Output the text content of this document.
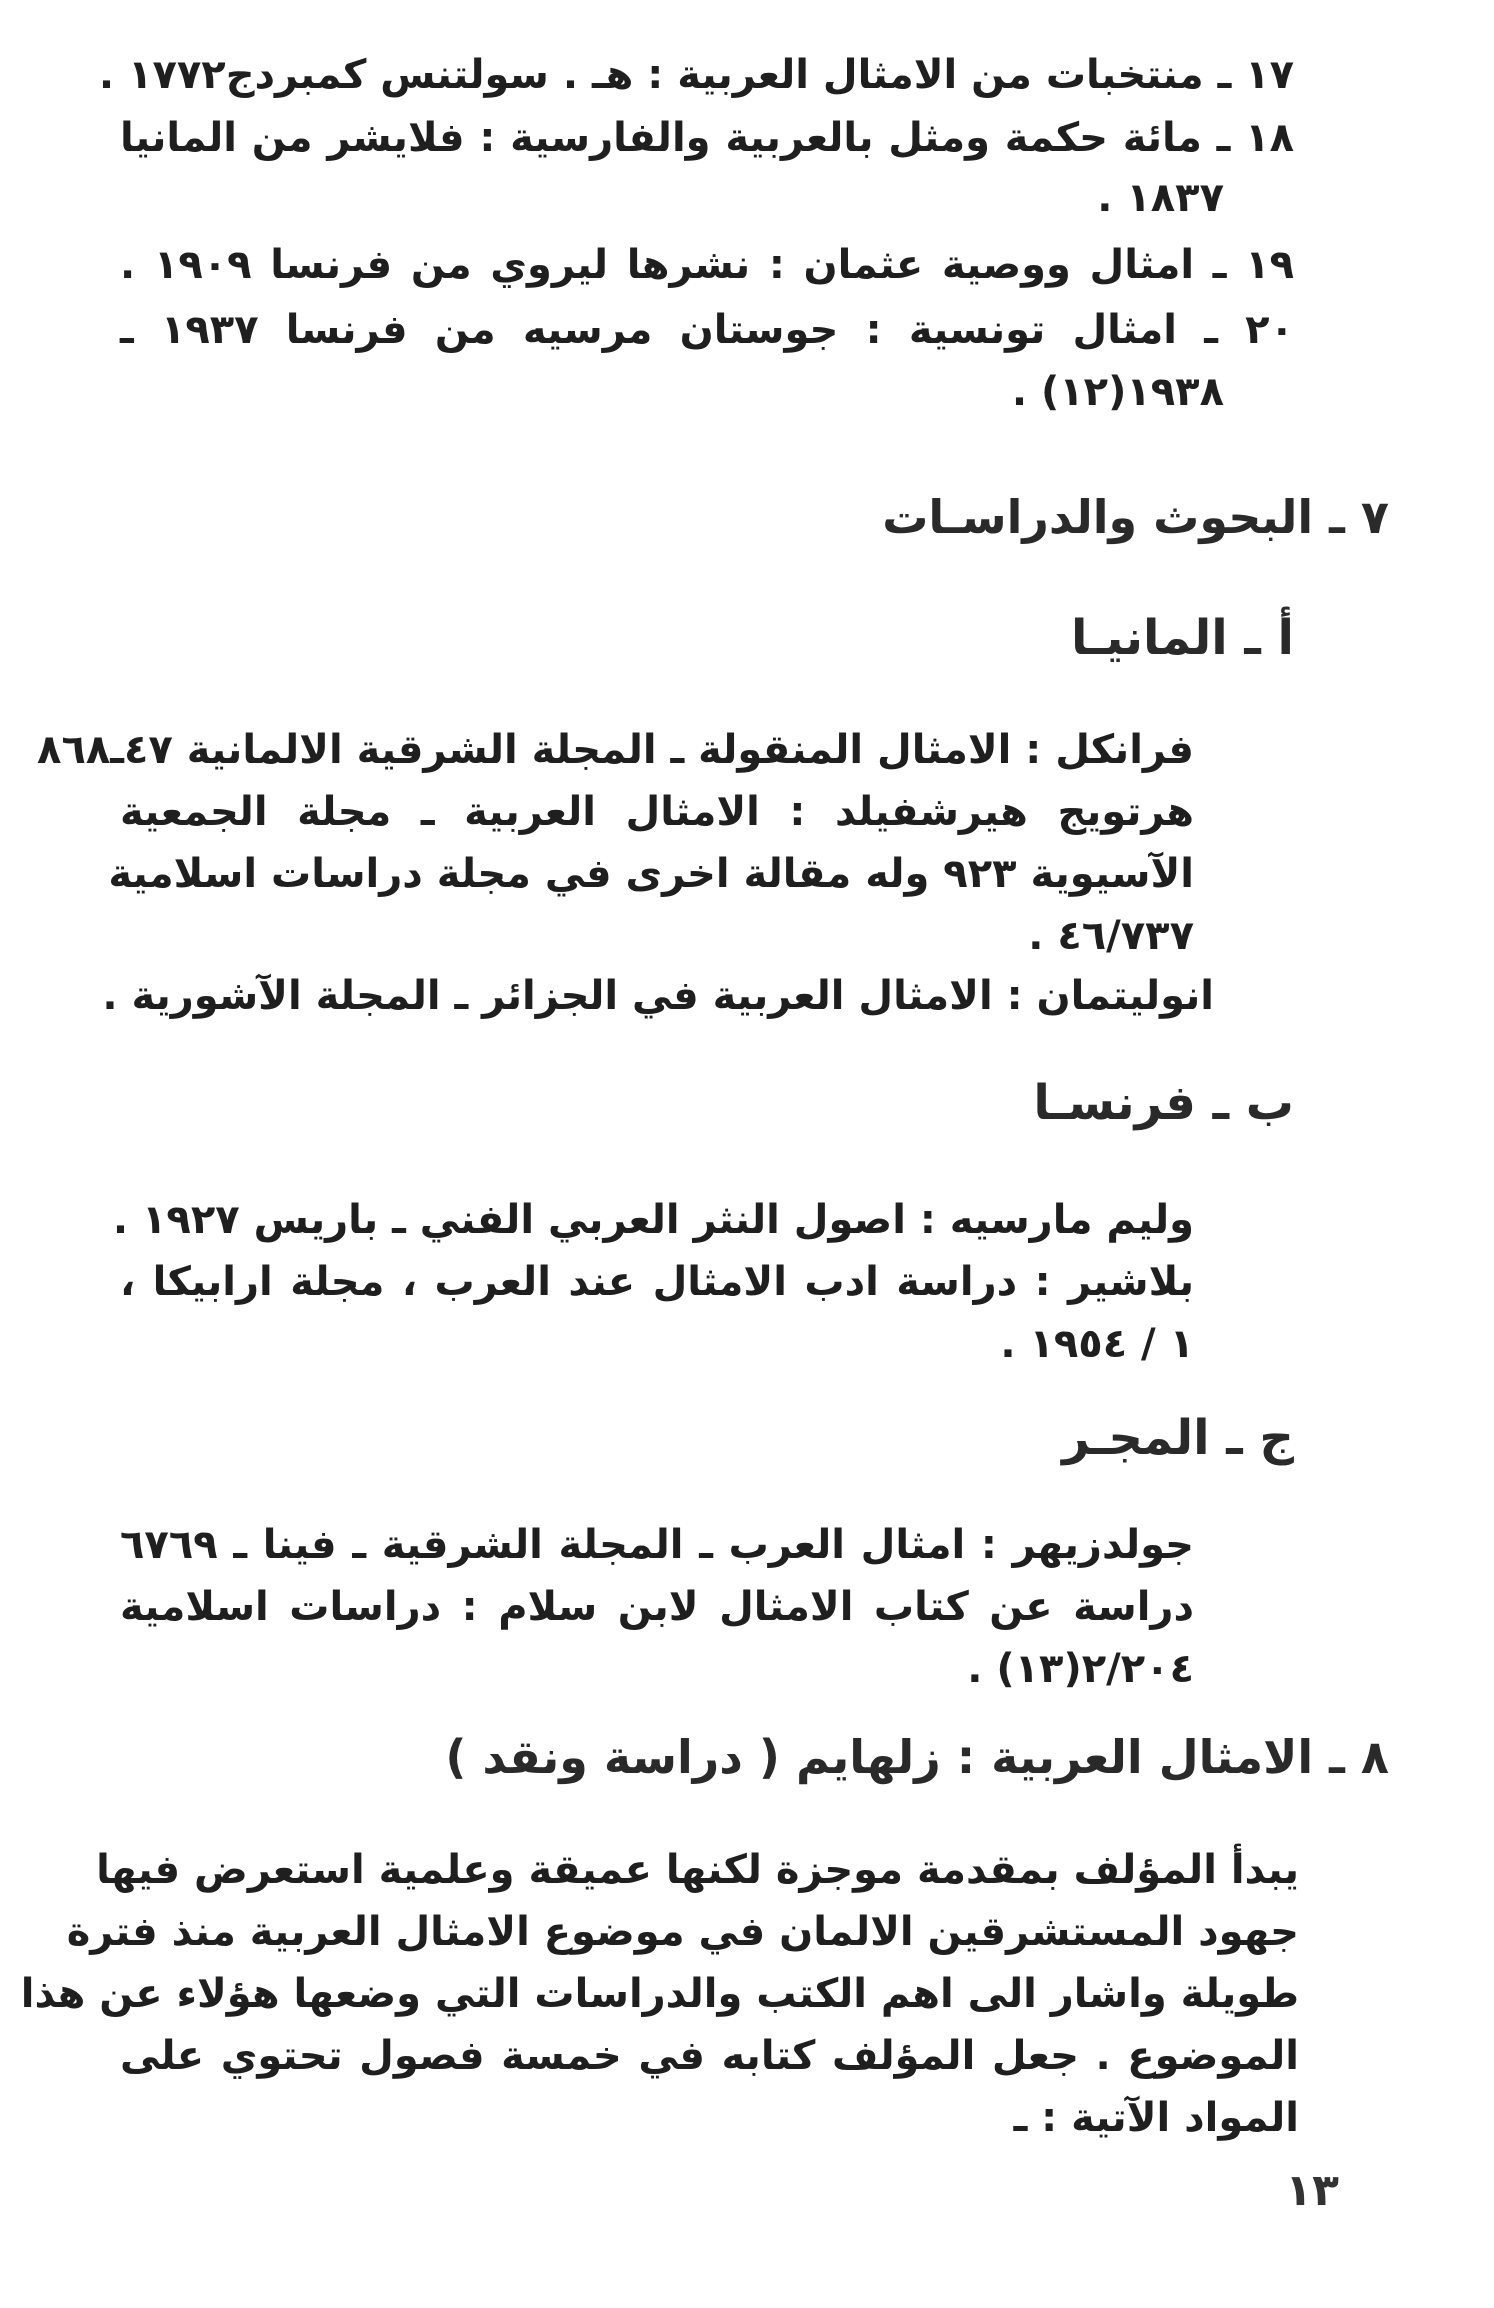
١٧ ـ منتخبات من الامثال العربية : هـ . سولتنس كمبردج١٧٧٢ .
١٨ ـ مائة حكمة ومثل بالعربية والفارسية : فلايشر من المانيا
١٨٣٧ .
١٩ ـ امثال ووصية عثمان : نشرها ليروي من فرنسا ١٩٠٩ .
٢٠ ـ امثال تونسية : جوستان مرسيه من فرنسا ١٩٣٧ ـ
١٩٣٨(١٢) .
٧ ـ البحوث والدراسـات
أ ـ المانيـا
فرانكل : الامثال المنقولة ـ المجلة الشرقية الالمانية ٤٧ـ٨٦٨
هرتويج هيرشفيلد : الامثال العربية ـ مجلة الجمعية
الآسيوية ٩٢٣ وله مقالة اخرى في مجلة دراسات اسلامية
٤٦/٧٣٧ .
انوليتمان : الامثال العربية في الجزائر ـ المجلة الآشورية .
ب ـ فرنسـا
وليم مارسيه : اصول النثر العربي الفني ـ باريس ١٩٢٧ .
بلاشير : دراسة ادب الامثال عند العرب ، مجلة ارابيكا ،
١ / ١٩٥٤ .
ج ـ المجـر
جولدزيهر : امثال العرب ـ المجلة الشرقية ـ فينا ـ ٦٧٦٩
دراسة عن كتاب الامثال لابن سلام : دراسات اسلامية
٢/٢٠٤(١٣) .
٨ ـ الامثال العربية : زلهايم ( دراسة ونقد )
يبدأ المؤلف بمقدمة موجزة لكنها عميقة وعلمية استعرض فيها
جهود المستشرقين الالمان في موضوع الامثال العربية منذ فترة
طويلة واشار الى اهم الكتب والدراسات التي وضعها هؤلاء عن هذا
الموضوع . جعل المؤلف كتابه في خمسة فصول تحتوي على
المواد الآتية : ـ
١٣
